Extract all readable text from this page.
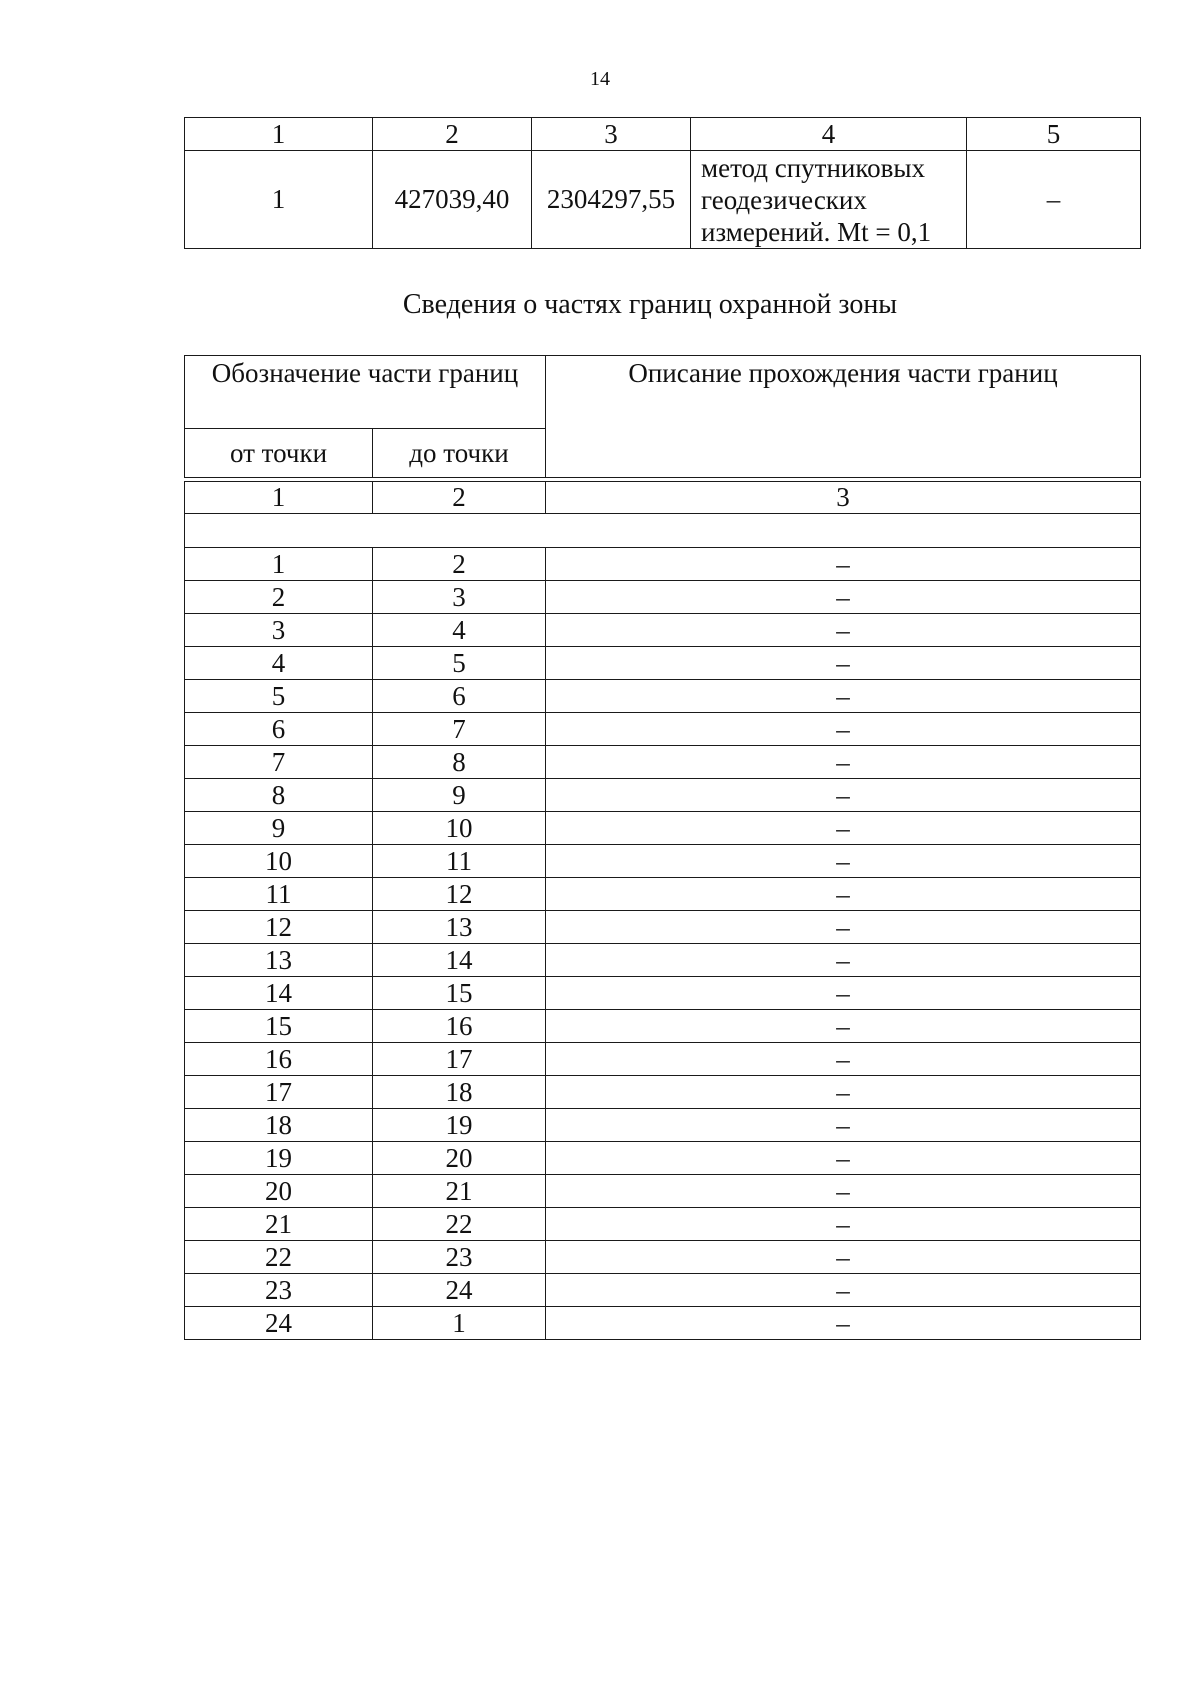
14
1	2	3	4	5
1	427039,40	2304297,55	метод спутниковых
геодезических
измерений. Mt = 0,1	–
Сведения о частях границ охранной зоны
Обозначение части границ		Описание прохождения части границ
от точки	до точки	

1	2	3

1	2	–
2	3	–
3	4	–
4	5	–
5	6	–
6	7	–
7	8	–
8	9	–
9	10	–
10	11	–
11	12	–
12	13	–
13	14	–
14	15	–
15	16	–
16	17	–
17	18	–
18	19	–
19	20	–
20	21	–
21	22	–
22	23	–
23	24	–
24	1	–
